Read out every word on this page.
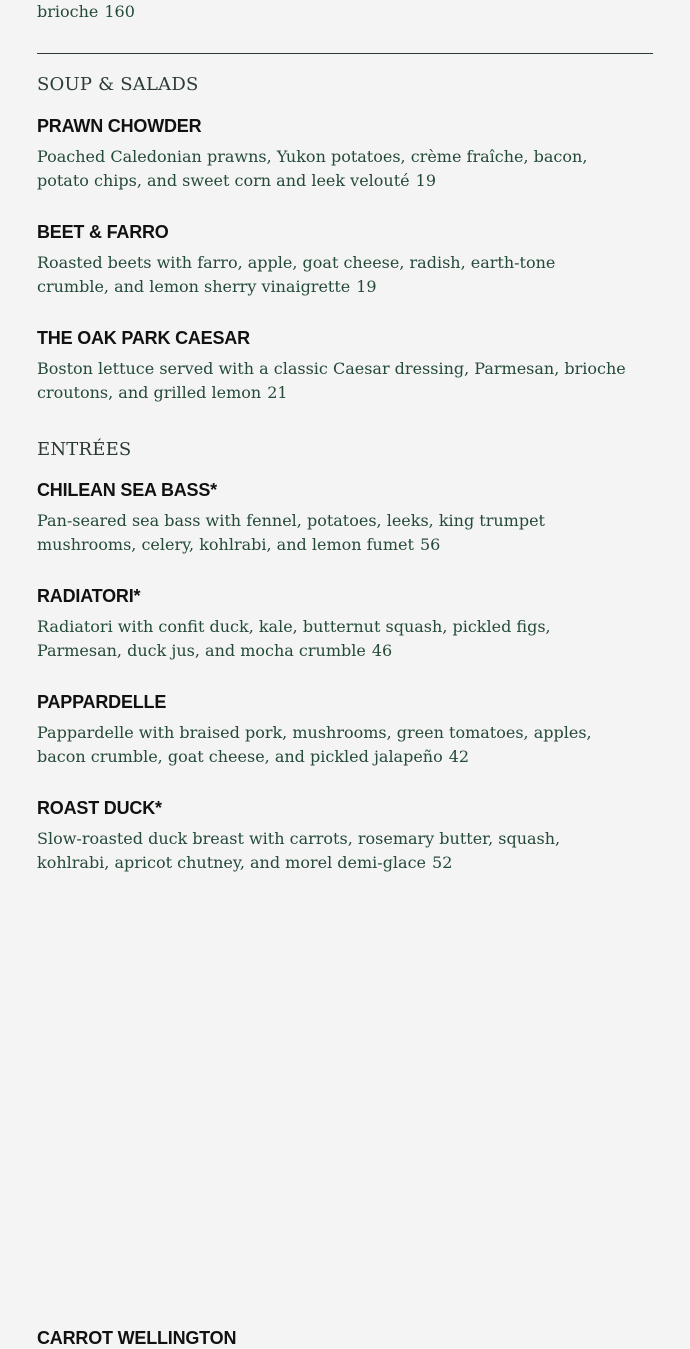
brioche 160
SOUP & SALADS
PRAWN CHOWDER
Poached Caledonian prawns, Yukon potatoes, crème fraîche, bacon, potato chips, and sweet corn and leek velouté 19
BEET & FARRO
Roasted beets with farro, apple, goat cheese, radish, earth-tone crumble, and lemon sherry vinaigrette 19
THE OAK PARK CAESAR
Boston lettuce served with a classic Caesar dressing, Parmesan, brioche croutons, and grilled lemon 21
ENTRÉES
CHILEAN SEA BASS*
Pan-seared sea bass with fennel, potatoes, leeks, king trumpet mushrooms, celery, kohlrabi, and lemon fumet 56
RADIATORI*
Radiatori with confit duck, kale, butternut squash, pickled figs, Parmesan, duck jus, and mocha crumble 46
PAPPARDELLE
Pappardelle with braised pork, mushrooms, green tomatoes, apples, bacon crumble, goat cheese, and pickled jalapeño 42
ROAST DUCK*
Slow-roasted duck breast with carrots, rosemary butter, squash, kohlrabi, apricot chutney, and morel demi-glace 52
CARROT WELLINGTON
